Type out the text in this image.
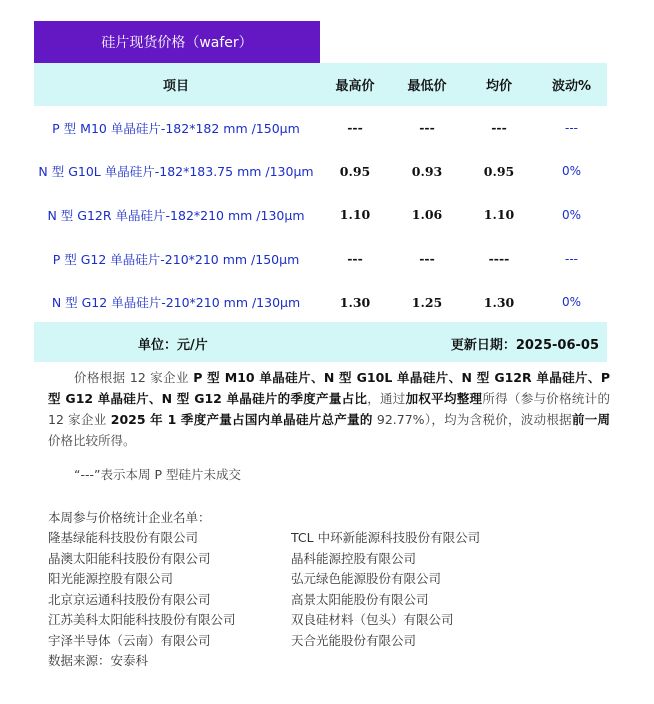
硅片现货价格（wafer）
项目	最高价	最低价	均价	波动%
P 型 M10 单晶硅片-182*182 mm /150μm	---	---	---	---
N 型 G10L 单晶硅片-182*183.75 mm /130μm	0.95	0.93	0.95	0%
N 型 G12R 单晶硅片-182*210 mm /130μm	1.10	1.06	1.10	0%
P 型 G12 单晶硅片-210*210 mm /150μm	---	---	----	---
N 型 G12 单晶硅片-210*210 mm /130μm	1.30	1.25	1.30	0%
单位：元/片	更新日期：2025-06-05

价格根据 12 家企业 P 型 M10 单晶硅片、N 型 G10L 单晶硅片、N 型 G12R 单晶硅片、P 型 G12 单晶硅片、N 型 G12 单晶硅片的季度产量占比，通过加权平均整理所得（参与价格统计的 12 家企业 2025 年 1 季度产量占国内单晶硅片总产量的 92.77%），均为含税价，波动根据前一周价格比较所得。

“---”表示本周 P 型硅片未成交

本周参与价格统计企业名单：
隆基绿能科技股份有限公司	TCL 中环新能源科技股份有限公司
晶澳太阳能科技股份有限公司	晶科能源控股有限公司
阳光能源控股有限公司	弘元绿色能源股份有限公司
北京京运通科技股份有限公司	高景太阳能股份有限公司
江苏美科太阳能科技股份有限公司	双良硅材料（包头）有限公司
宇泽半导体（云南）有限公司	天合光能股份有限公司
数据来源：安泰科
